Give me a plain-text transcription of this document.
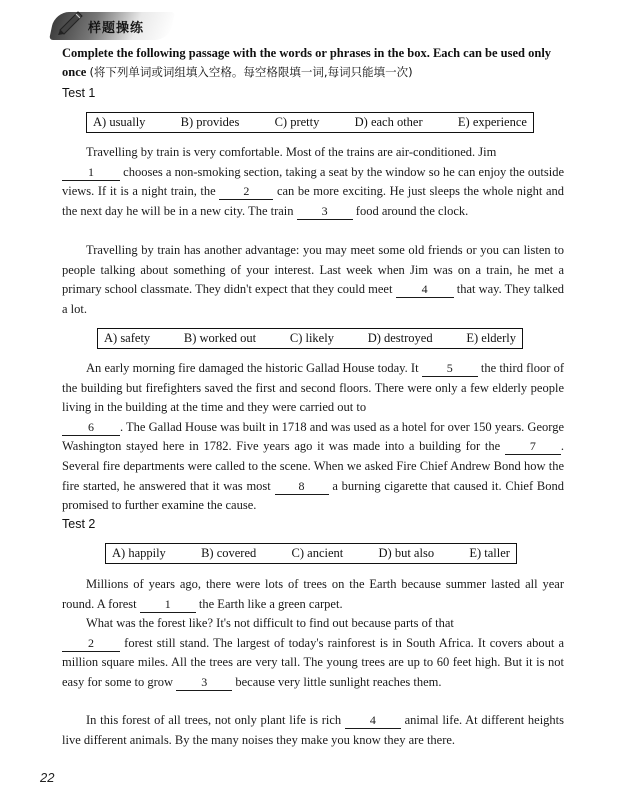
样题操练
Complete the following passage with the words or phrases in the box. Each can be used only once (将下列单词或词组填入空格。每空格限填一词,每词只能填一次)
Test 1
A) usually	B) provides	C) pretty	D) each other	E) experience
Travelling by train is very comfortable. Most of the trains are air-conditioned. Jim
1 chooses a non-smoking section, taking a seat by the window so he can enjoy the outside views. If it is a night train, the 2 can be more exciting. He just sleeps the whole night and the next day he will be in a new city. The train 3 food around the clock.
Travelling by train has another advantage: you may meet some old friends or you can listen to people talking about something of your interest. Last week when Jim was on a train, he met a primary school classmate. They didn't expect that they could meet 4 that way. They talked a lot.
A) safety	B) worked out	C) likely	D) destroyed	E) elderly
An early morning fire damaged the historic Gallad House today. It 5 the third floor of the building but firefighters saved the first and second floors. There were only a few elderly people living in the building at the time and they were carried out to
6 . The Gallad House was built in 1718 and was used as a hotel for over 150 years. George Washington stayed here in 1782. Five years ago it was made into a building for the 7 . Several fire departments were called to the scene. When we asked Fire Chief Andrew Bond how the fire started, he answered that it was most 8 a burning cigarette that caused it. Chief Bond promised to further examine the cause.
Test 2
A) happily	B) covered	C) ancient	D) but also	E) taller
Millions of years ago, there were lots of trees on the Earth because summer lasted all year round. A forest 1 the Earth like a green carpet.
What was the forest like? It's not difficult to find out because parts of that
2 forest still stand. The largest of today's rainforest is in South Africa. It covers about a million square miles. All the trees are very tall. The young trees are up to 60 feet high. But it is not easy for some to grow 3 because very little sunlight reaches them.
In this forest of all trees, not only plant life is rich 4 animal life. At different heights live different animals. By the many noises they make you know they are there.
22
